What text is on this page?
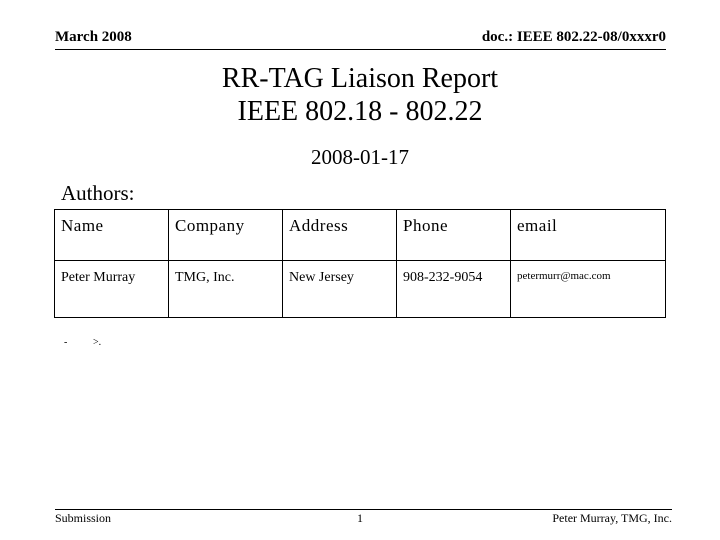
March 2008	doc.: IEEE 802.22-08/0xxxr0
RR-TAG Liaison Report
IEEE 802.18 - 802.22
2008-01-17
Authors:
Name	Company	Address	Phone	email
Peter Murray	TMG, Inc.	New Jersey	908-232-9054	petermurr@mac.com
-	>.
Submission	1	Peter Murray, TMG, Inc.
